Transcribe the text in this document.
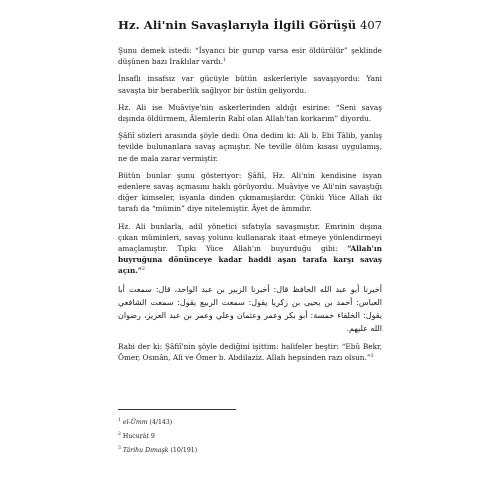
Hz. Ali'nin Savaşlarıyla İlgili Görüşü 407

Şunu demek istedi: “İsyancı bir gurup varsa esir öldürülür” şeklinde düşünen bazı Iraklılar vardı.$^1$

İnsaflı insafsız var gücüyle bütün askerleriyle savaşıyordu: Yani savaşta bir beraberlik sağlıyor bir üstün geliyordu.

Hz. Ali ise Muâviye'nin askerlerinden aldığı esirine: “Seni savaş dışında öldürmem, Âlemlerin Rabî olan Allah'tan korkarım” diyordu.

Şâfiî sözleri arasında şöyle dedi: Ona dedim ki: Ali b. Ebi Tâlib, yanlış tevilde bulunanlara savaş açmıştır. Ne teville ölüm kısası uygulamış, ne de mala zarar vermiştir.

Bütün bunlar şunu gösteriyor: Şâfiî, Hz. Ali'nin kendisine isyan edenlere savaş açmasını haklı görüyordu. Muâviye ve Ali'nin savaştığı diğer kimseler, isyanla dinden çıkmamışlardır. Çünkü Yüce Allah iki tarafı da “mümin” diye nitelemiştir. Âyet de âmmdır.

Hz. Ali bunlarla, adil yönetici sıfatıyla savaşmıştır. Emrinin dışına çıkan müminleri, savaş yolunu kullanarak itaat etmeye yönlendirmeyi amaçlamıştır. Tıpkı Yüce Allah'ın buyurduğu gibi: “Allah'ın buyruğuna dönünceye kadar haddi aşan tarafa karşı savaş açın.”$^2$

أخبرنا أبو عبد الله الحافظ قال: أخبرنا الزبير بن عبد الواحد، قال: سمعت أبا العباس: أحمد بن يحيى بن زكريا يقول: سمعت الربيع يقول: سمعت الشافعي يقول: الخلفاء خمسة: أبو بكر وعمر وعثمان وعلي وعمر بن عبد العزيز، رضوان الله عليهم.

Rabi der ki: Şâfiî'nin şöyle dediğini işittim: halifeler beştir: “Ebû Bekr, Ömer, Osmân, Ali ve Ömer b. Abdilaziz. Allah hepsinden razı olsun.”$^3$

$^1$ el-Ümm (4/143)
$^2$ Hucurât 9
$^3$ Târihu Dımaşk (10/191)
